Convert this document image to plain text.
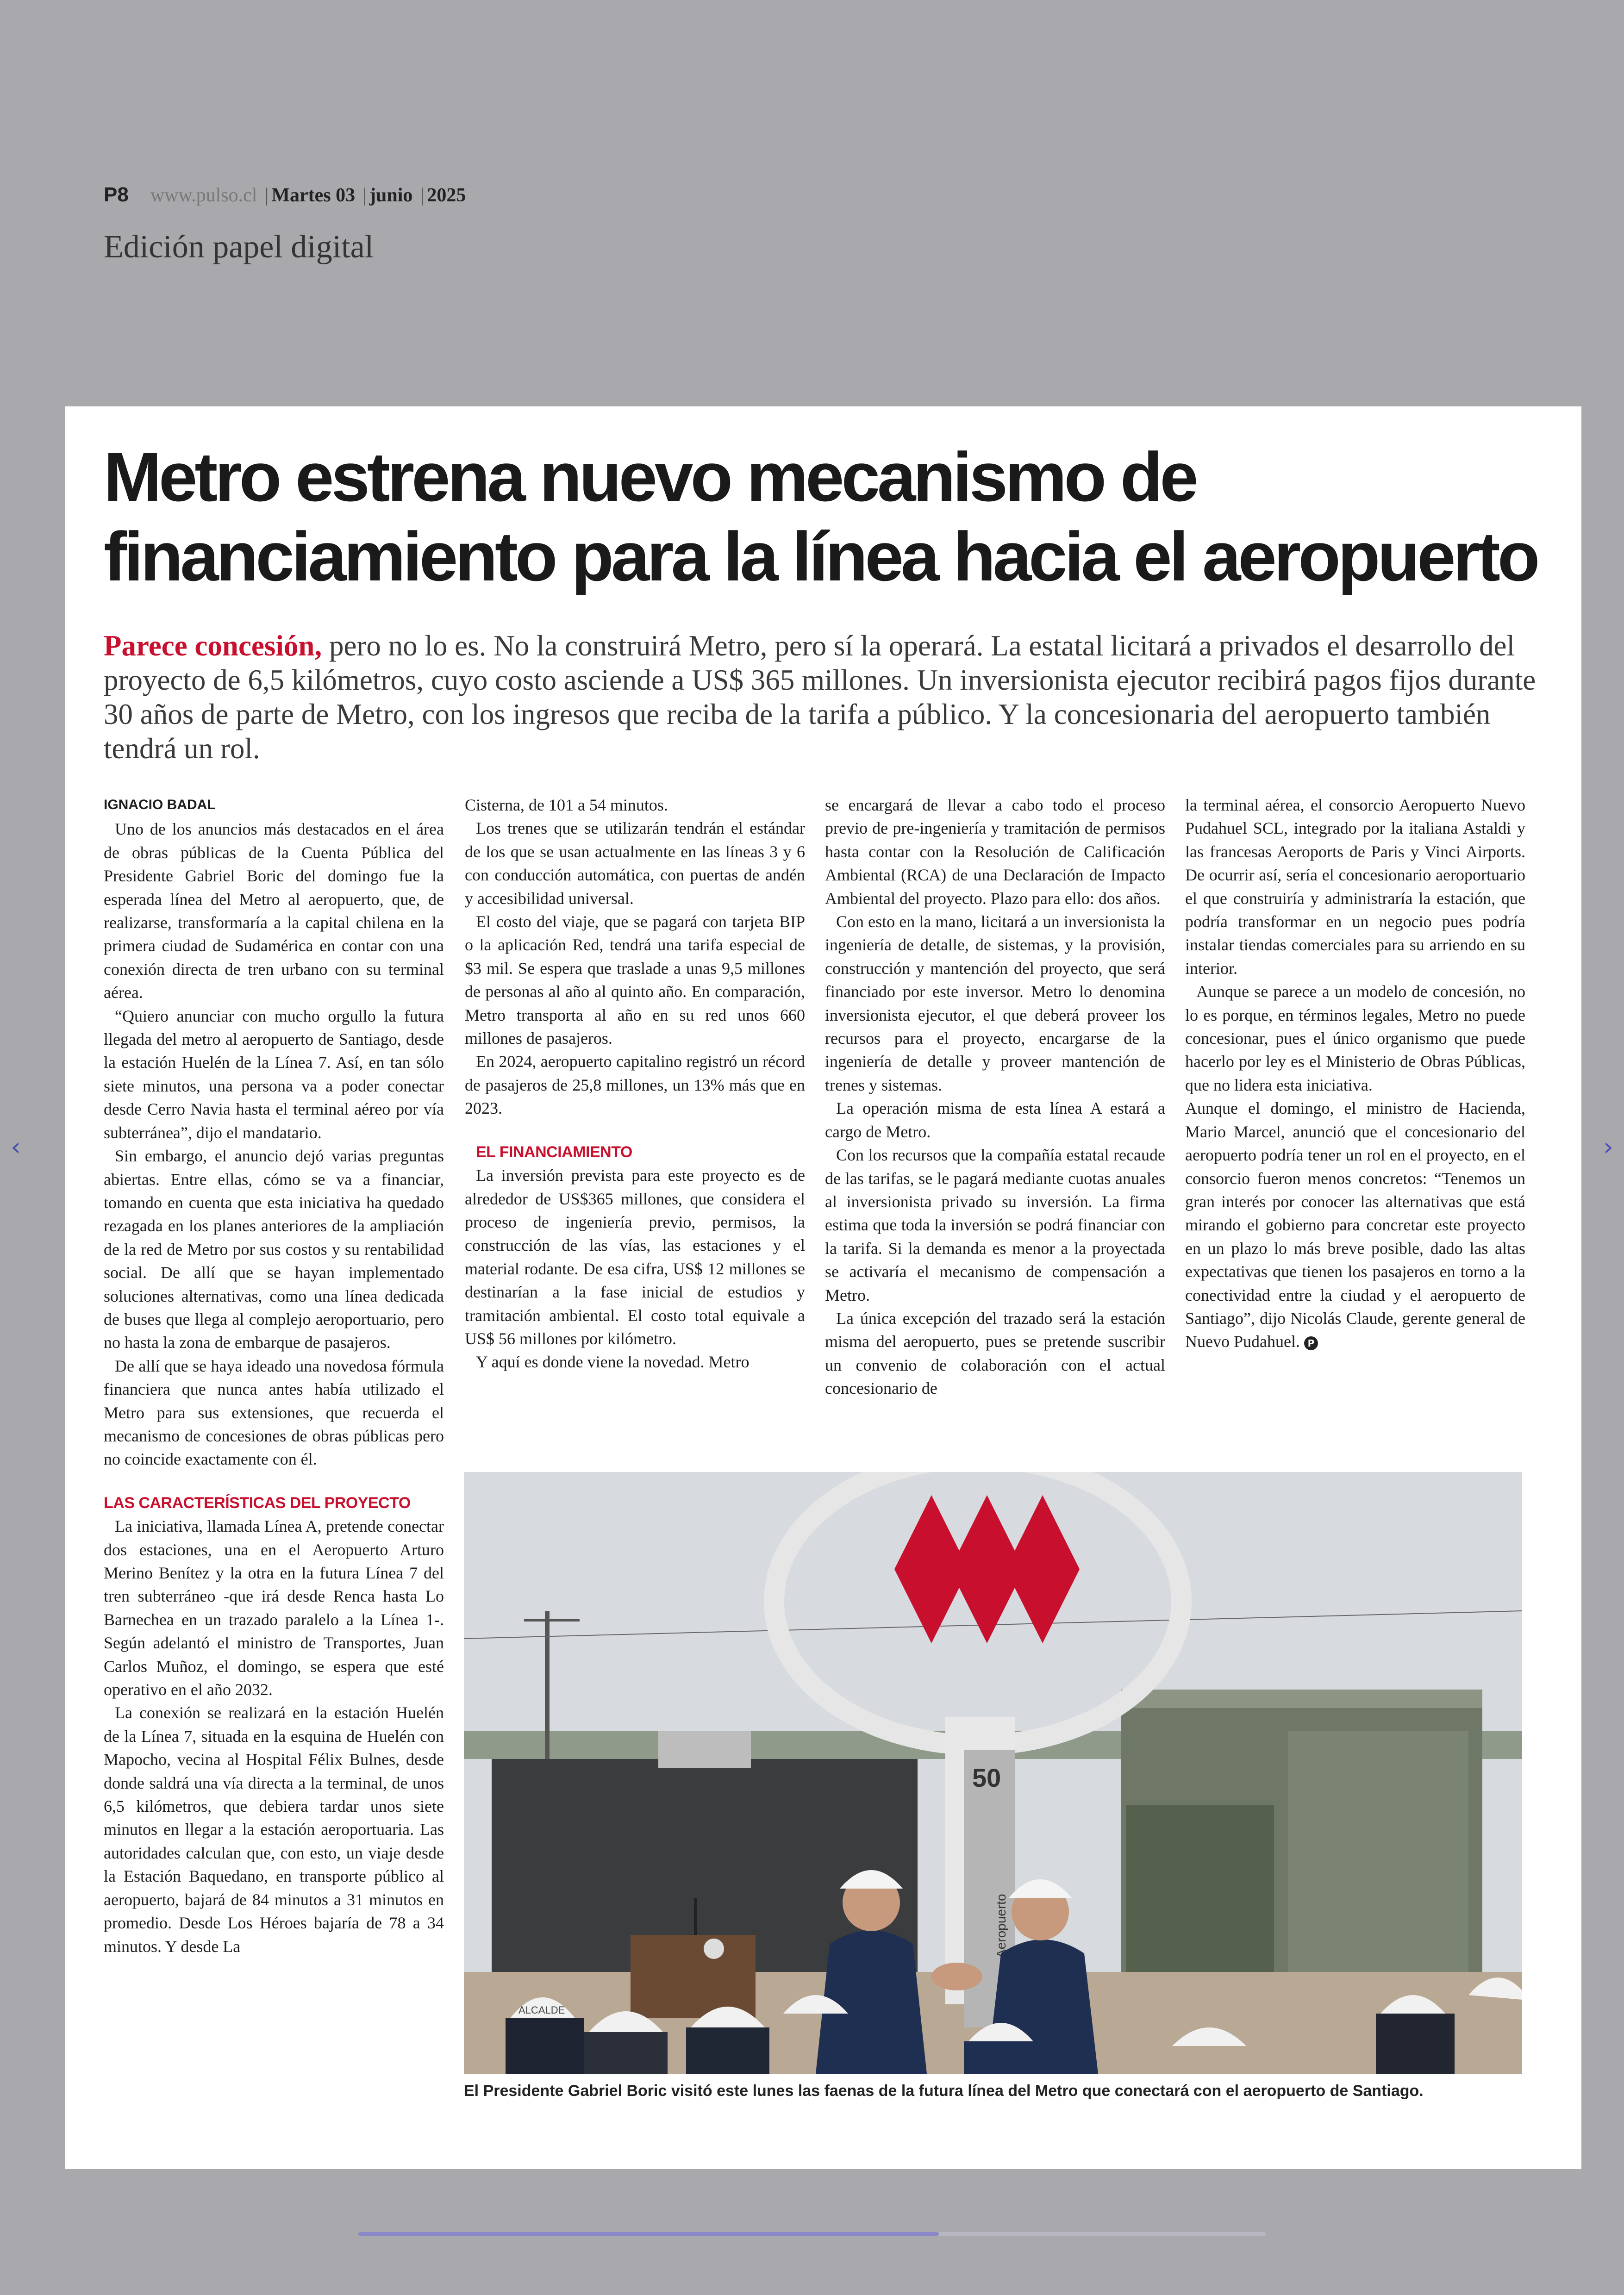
P8 www.pulso.cl | Martes 03 | junio | 2025
Edición papel digital
‹	›
Metro estrena nuevo mecanismo de financiamiento para la línea hacia el aeropuerto

Parece concesión, pero no lo es. No la construirá Metro, pero sí la operará. La estatal licitará a privados el desarrollo del proyecto de 6,5 kilómetros, cuyo costo asciende a US$ 365 millones. Un inversionista ejecutor recibirá pagos fijos durante 30 años de parte de Metro, con los ingresos que reciba de la tarifa a público. Y la concesionaria del aeropuerto también tendrá un rol.

IGNACIO BADAL

Uno de los anuncios más destacados en el área de obras públicas de la Cuenta Pública del Presidente Gabriel Boric del domingo fue la esperada línea del Metro al aeropuerto, que, de realizarse, transformaría a la capital chilena en la primera ciudad de Sudamérica en contar con una conexión directa de tren urbano con su terminal aérea.

“Quiero anunciar con mucho orgullo la futura llegada del metro al aeropuerto de Santiago, desde la estación Huelén de la Línea 7. Así, en tan sólo siete minutos, una persona va a poder conectar desde Cerro Navia hasta el terminal aéreo por vía subterránea”, dijo el mandatario.

Sin embargo, el anuncio dejó varias preguntas abiertas. Entre ellas, cómo se va a financiar, tomando en cuenta que esta iniciativa ha quedado rezagada en los planes anteriores de la ampliación de la red de Metro por sus costos y su rentabilidad social. De allí que se hayan implementado soluciones alternativas, como una línea dedicada de buses que llega al complejo aeroportuario, pero no hasta la zona de embarque de pasajeros.

De allí que se haya ideado una novedosa fórmula financiera que nunca antes había utilizado el Metro para sus extensiones, que recuerda el mecanismo de concesiones de obras públicas pero no coincide exactamente con él.

LAS CARACTERÍSTICAS DEL PROYECTO

La iniciativa, llamada Línea A, pretende conectar dos estaciones, una en el Aeropuerto Arturo Merino Benítez y la otra en la futura Línea 7 del tren subterráneo -que irá desde Renca hasta Lo Barnechea en un trazado paralelo a la Línea 1-. Según adelantó el ministro de Transportes, Juan Carlos Muñoz, el domingo, se espera que esté operativo en el año 2032.

La conexión se realizará en la estación Huelén de la Línea 7, situada en la esquina de Huelén con Mapocho, vecina al Hospital Félix Bulnes, desde donde saldrá una vía directa a la terminal, de unos 6,5 kilómetros, que debiera tardar unos siete minutos en llegar a la estación aeroportuaria. Las autoridades calculan que, con esto, un viaje desde la Estación Baquedano, en transporte público al aeropuerto, bajará de 84 minutos a 31 minutos en promedio. Desde Los Héroes bajaría de 78 a 34 minutos. Y desde La

Cisterna, de 101 a 54 minutos.

Los trenes que se utilizarán tendrán el estándar de los que se usan actualmente en las líneas 3 y 6 con conducción automática, con puertas de andén y accesibilidad universal.

El costo del viaje, que se pagará con tarjeta BIP o la aplicación Red, tendrá una tarifa especial de $3 mil. Se espera que traslade a unas 9,5 millones de personas al año al quinto año. En comparación, Metro transporta al año en su red unos 660 millones de pasajeros.

En 2024, aeropuerto capitalino registró un récord de pasajeros de 25,8 millones, un 13% más que en 2023.

EL FINANCIAMIENTO

La inversión prevista para este proyecto es de alrededor de US$365 millones, que considera el proceso de ingeniería previo, permisos, la construcción de las vías, las estaciones y el material rodante. De esa cifra, US$ 12 millones se destinarían a la fase inicial de estudios y tramitación ambiental. El costo total equivale a US$ 56 millones por kilómetro.

Y aquí es donde viene la novedad. Metro

se encargará de llevar a cabo todo el proceso previo de pre-ingeniería y tramitación de permisos hasta contar con la Resolución de Calificación Ambiental (RCA) de una Declaración de Impacto Ambiental del proyecto. Plazo para ello: dos años.

Con esto en la mano, licitará a un inversionista la ingeniería de detalle, de sistemas, y la provisión, construcción y mantención del proyecto, que será financiado por este inversor. Metro lo denomina inversionista ejecutor, el que deberá proveer los recursos para el proyecto, encargarse de la ingeniería de detalle y proveer mantención de trenes y sistemas.

La operación misma de esta línea A estará a cargo de Metro.

Con los recursos que la compañía estatal recaude de las tarifas, se le pagará mediante cuotas anuales al inversionista privado su inversión. La firma estima que toda la inversión se podrá financiar con la tarifa. Si la demanda es menor a la proyectada se activaría el mecanismo de compensación a Metro.

La única excepción del trazado será la estación misma del aeropuerto, pues se pretende suscribir un convenio de colaboración con el actual concesionario de

la terminal aérea, el consorcio Aeropuerto Nuevo Pudahuel SCL, integrado por la italiana Astaldi y las francesas Aeroports de Paris y Vinci Airports. De ocurrir así, sería el concesionario aeroportuario el que construiría y administraría la estación, que podría transformar en un negocio pues podría instalar tiendas comerciales para su arriendo en su interior.

Aunque se parece a un modelo de concesión, no lo es porque, en términos legales, Metro no puede concesionar, pues el único organismo que puede hacerlo por ley es el Ministerio de Obras Públicas, que no lidera esta iniciativa.

Aunque el domingo, el ministro de Hacienda, Mario Marcel, anunció que el concesionario del aeropuerto podría tener un rol en el proyecto, en el consorcio fueron menos concretos: “Tenemos un gran interés por conocer las alternativas que está mirando el gobierno para concretar este proyecto en un plazo lo más breve posible, dado las altas expectativas que tienen los pasajeros en torno a la conectividad entre la ciudad y el aeropuerto de Santiago”, dijo Nicolás Claude, gerente general de Nuevo Pudahuel. P
50
Aeropuerto
ALCALDE

El Presidente Gabriel Boric visitó este lunes las faenas de la futura línea del Metro que conectará con el aeropuerto de Santiago.
